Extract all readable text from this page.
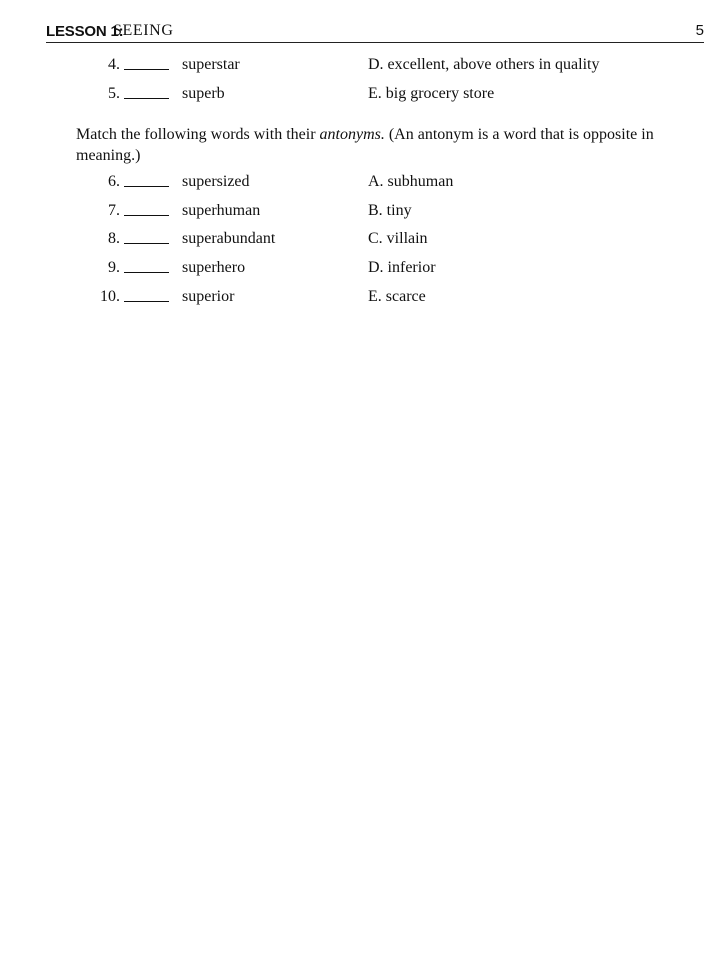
LESSON 1:
SEEING	5
4.	superstar	D. excellent, above others in quality
5.	superb	E. big grocery store
Match the following words with their antonyms. (An antonym is a word that is opposite in meaning.)
6.	supersized	A. subhuman
7.	superhuman	B. tiny
8.	superabundant	C. villain
9.	superhero	D. inferior
10.	superior	E. scarce
